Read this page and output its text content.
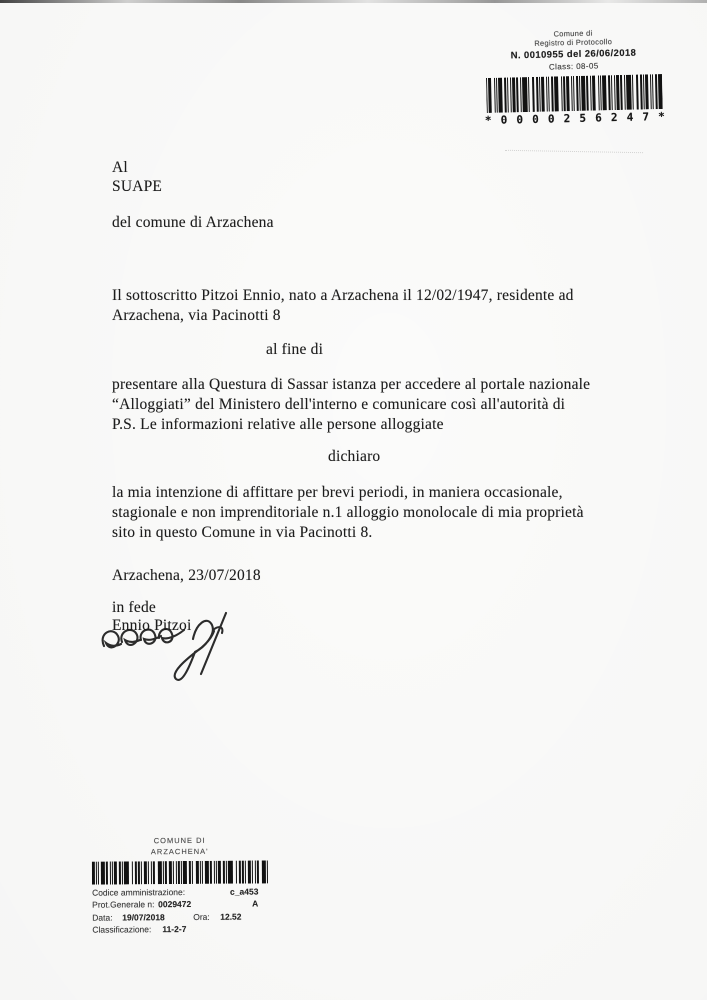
Comune di
Registro di Protocollo
N. 0010955 del 26/06/2018
Class: 08-05
* 0 0 0 0 2 5 6 2 4 7 *
Al
SUAPE
del comune di Arzachena
Il sottoscritto Pitzoi Ennio, nato a Arzachena il 12/02/1947, residente ad
Arzachena, via Pacinotti 8
al fine di
presentare alla Questura di Sassar istanza per accedere al portale nazionale
“Alloggiati” del Ministero dell'interno e comunicare così all'autorità di
P.S. Le informazioni relative alle persone alloggiate
dichiaro
la mia intenzione di affittare per brevi periodi, in maniera occasionale,
stagionale e non imprenditoriale n.1 alloggio monolocale di mia proprietà
sito in questo Comune in via Pacinotti 8.
Arzachena, 23/07/2018
in fede
Ennio Pitzoi
COMUNE DI
ARZACHENA'
Codice amministrazione:	c_a453
Prot.Generale n: 0029472	A
Data: 19/07/2018	Ora: 12.52
Classificazione: 11-2-7
